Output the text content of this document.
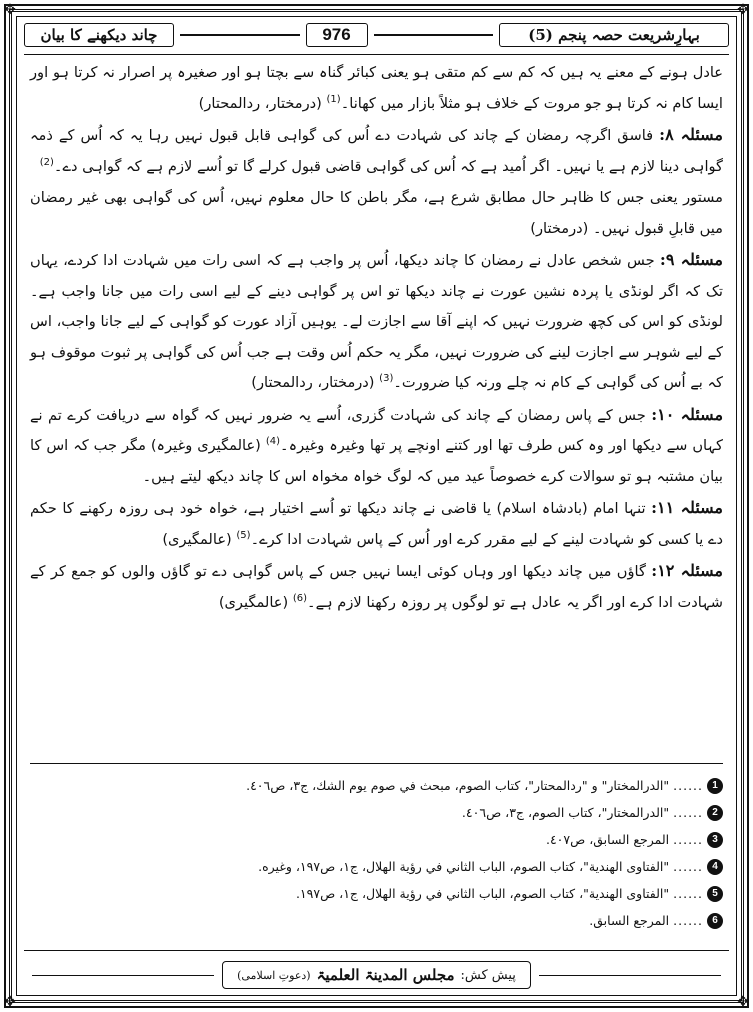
✥	✥
✥	✥
چاند دیکھنے کا بیان	976	بہارِشریعت حصہ پنجم (5)

عادل ہونے کے معنے یہ ہیں کہ کم سے کم متقی ہو یعنی کبائر گناہ سے بچتا ہو اور صغیرہ پر اصرار نہ کرتا ہو اور ایسا کام نہ کرتا ہو جو مروت کے خلاف ہو مثلاً بازار میں کھانا۔$^{(1)}$ (درمختار، ردالمحتار)

مسئلہ ۸: فاسق اگرچہ رمضان کے چاند کی شہادت دے اُس کی گواہی قابل قبول نہیں رہا یہ کہ اُس کے ذمہ گواہی دینا لازم ہے یا نہیں۔ اگر اُمید ہے کہ اُس کی گواہی قاضی قبول کرلے گا تو اُسے لازم ہے کہ گواہی دے۔$^{(2)}$

مستور یعنی جس کا ظاہر حال مطابق شرع ہے، مگر باطن کا حال معلوم نہیں، اُس کی گواہی بھی غیر رمضان میں قابلِ قبول نہیں۔ (درمختار)

مسئلہ ۹: جس شخص عادل نے رمضان کا چاند دیکھا، اُس پر واجب ہے کہ اسی رات میں شہادت ادا کردے، یہاں تک کہ اگر لونڈی یا پردہ نشین عورت نے چاند دیکھا تو اس پر گواہی دینے کے لیے اسی رات میں جانا واجب ہے۔ لونڈی کو اس کی کچھ ضرورت نہیں کہ اپنے آقا سے اجازت لے۔ یوہیں آزاد عورت کو گواہی کے لیے جانا واجب، اس کے لیے شوہر سے اجازت لینے کی ضرورت نہیں، مگر یہ حکم اُس وقت ہے جب اُس کی گواہی پر ثبوت موقوف ہو کہ بے اُس کی گواہی کے کام نہ چلے ورنہ کیا ضرورت۔$^{(3)}$ (درمختار، ردالمحتار)

مسئلہ ۱۰: جس کے پاس رمضان کے چاند کی شہادت گزری، اُسے یہ ضرور نہیں کہ گواہ سے دریافت کرے تم نے کہاں سے دیکھا اور وہ کس طرف تھا اور کتنے اونچے پر تھا وغیرہ وغیرہ۔$^{(4)}$ (عالمگیری وغیرہ) مگر جب کہ اس کا بیان مشتبہ ہو تو سوالات کرے خصوصاً عید میں کہ لوگ خواہ مخواہ اس کا چاند دیکھ لیتے ہیں۔

مسئلہ ۱۱: تنہا امام (بادشاہ اسلام) یا قاضی نے چاند دیکھا تو اُسے اختیار ہے، خواہ خود ہی روزہ رکھنے کا حکم دے یا کسی کو شہادت لینے کے لیے مقرر کرے اور اُس کے پاس شہادت ادا کرے۔$^{(5)}$ (عالمگیری)

مسئلہ ۱۲: گاؤں میں چاند دیکھا اور وہاں کوئی ایسا نہیں جس کے پاس گواہی دے تو گاؤں والوں کو جمع کر کے شہادت ادا کرے اور اگر یہ عادل ہے تو لوگوں پر روزہ رکھنا لازم ہے۔$^{(6)}$ (عالمگیری)

1
......
"الدرالمختار" و "ردالمحتار"، كتاب الصوم، مبحث في صوم يوم الشك، ج٣، ص٤٠٦.
2
......
"الدرالمختار"، كتاب الصوم، ج٣، ص٤٠٦.
3
......
المرجع السابق، ص٤٠٧.
4
......
"الفتاوى الهندية"، كتاب الصوم، الباب الثاني في رؤية الهلال، ج١، ص١٩٧، وغيره.
5
......
"الفتاوى الهندية"، كتاب الصوم، الباب الثاني في رؤية الهلال، ج١، ص١٩٧.
6
......
المرجع السابق.
پیش کش:
مجلس المدینۃ العلمیۃ
(دعوتِ اسلامی)
